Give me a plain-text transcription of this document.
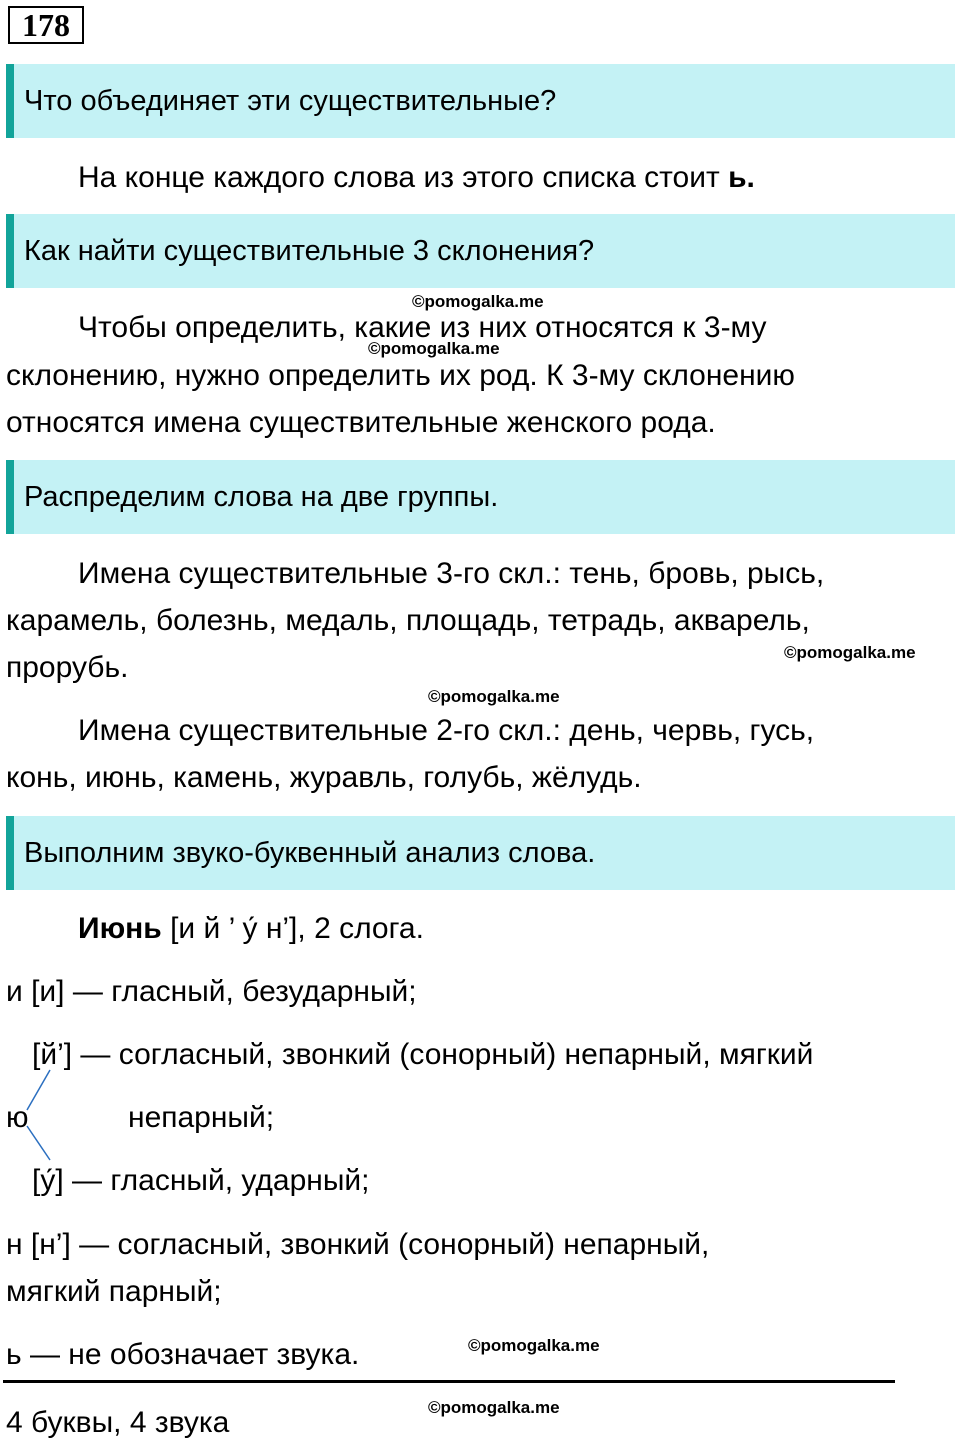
178
Что объединяет эти существительные?
На конце каждого слова из этого списка стоит ь.
Как найти существительные 3 склонения?
©pomogalka.me
Чтобы определить, какие из них относятся к 3-му
©pomogalka.me
склонению, нужно определить их род. К 3-му склонению
относятся имена существительные женского рода.
Распределим слова на две группы.
Имена существительные 3-го скл.: тень, бровь, рысь,
карамель, болезнь, медаль, площадь, тетрадь, акварель,
прорубь.	©pomogalka.me
©pomogalka.me
Имена существительные 2-го скл.: день, червь, гусь,
конь, июнь, камень, журавль, голубь, жёлудь.
Выполним звуко-буквенный анализ слова.
Июнь [и й ’ у́ н’], 2 слога.
и [и] — гласный, безударный;
[й’] — согласный, звонкий (сонорный) непарный, мягкий
ю	непарный;
[у́] — гласный, ударный;
н [н’] — согласный, звонкий (сонорный) непарный,
мягкий парный;
ь — не обозначает звука.	©pomogalka.me
4 буквы, 4 звука	©pomogalka.me
